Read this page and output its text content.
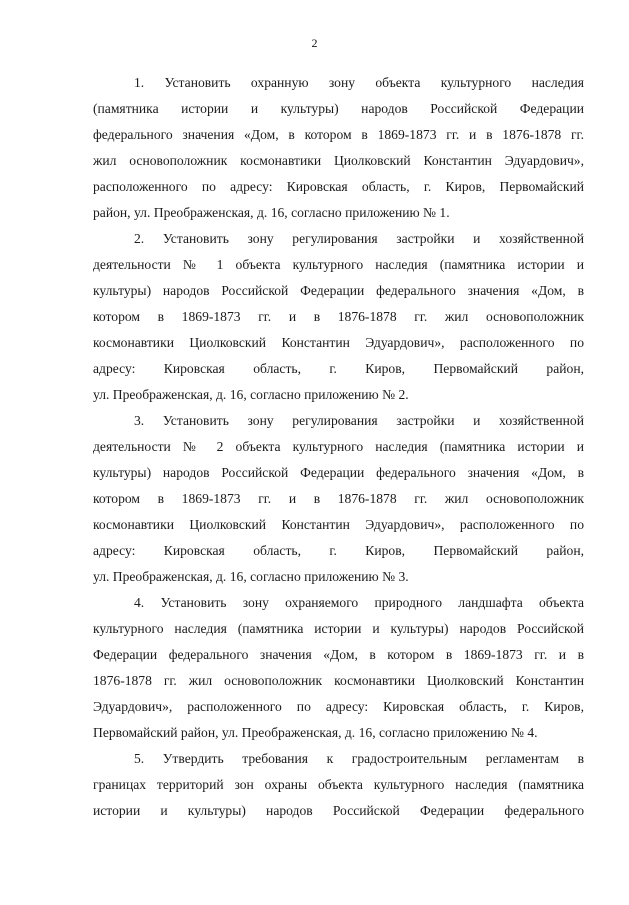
2
1. Установить охранную зону объекта культурного наследия
(памятника истории и культуры) народов Российской Федерации
федерального значения «Дом, в котором в 1869-1873 гг. и в 1876-1878 гг.
жил основоположник космонавтики Циолковский Константин Эдуардович»,
расположенного по адресу: Кировская область, г. Киров, Первомайский
район, ул. Преображенская, д. 16, согласно приложению № 1.
2. Установить зону регулирования застройки и хозяйственной
деятельности № 1 объекта культурного наследия (памятника истории и
культуры) народов Российской Федерации федерального значения «Дом, в
котором в 1869-1873 гг. и в 1876-1878 гг. жил основоположник
космонавтики Циолковский Константин Эдуардович», расположенного по
адресу: Кировская область, г. Киров, Первомайский район,
ул. Преображенская, д. 16, согласно приложению № 2.
3. Установить зону регулирования застройки и хозяйственной
деятельности № 2 объекта культурного наследия (памятника истории и
культуры) народов Российской Федерации федерального значения «Дом, в
котором в 1869-1873 гг. и в 1876-1878 гг. жил основоположник
космонавтики Циолковский Константин Эдуардович», расположенного по
адресу: Кировская область, г. Киров, Первомайский район,
ул. Преображенская, д. 16, согласно приложению № 3.
4. Установить зону охраняемого природного ландшафта объекта
культурного наследия (памятника истории и культуры) народов Российской
Федерации федерального значения «Дом, в котором в 1869-1873 гг. и в
1876-1878 гг. жил основоположник космонавтики Циолковский Константин
Эдуардович», расположенного по адресу: Кировская область, г. Киров,
Первомайский район, ул. Преображенская, д. 16, согласно приложению № 4.
5. Утвердить требования к градостроительным регламентам в
границах территорий зон охраны объекта культурного наследия (памятника
истории и культуры) народов Российской Федерации федерального
